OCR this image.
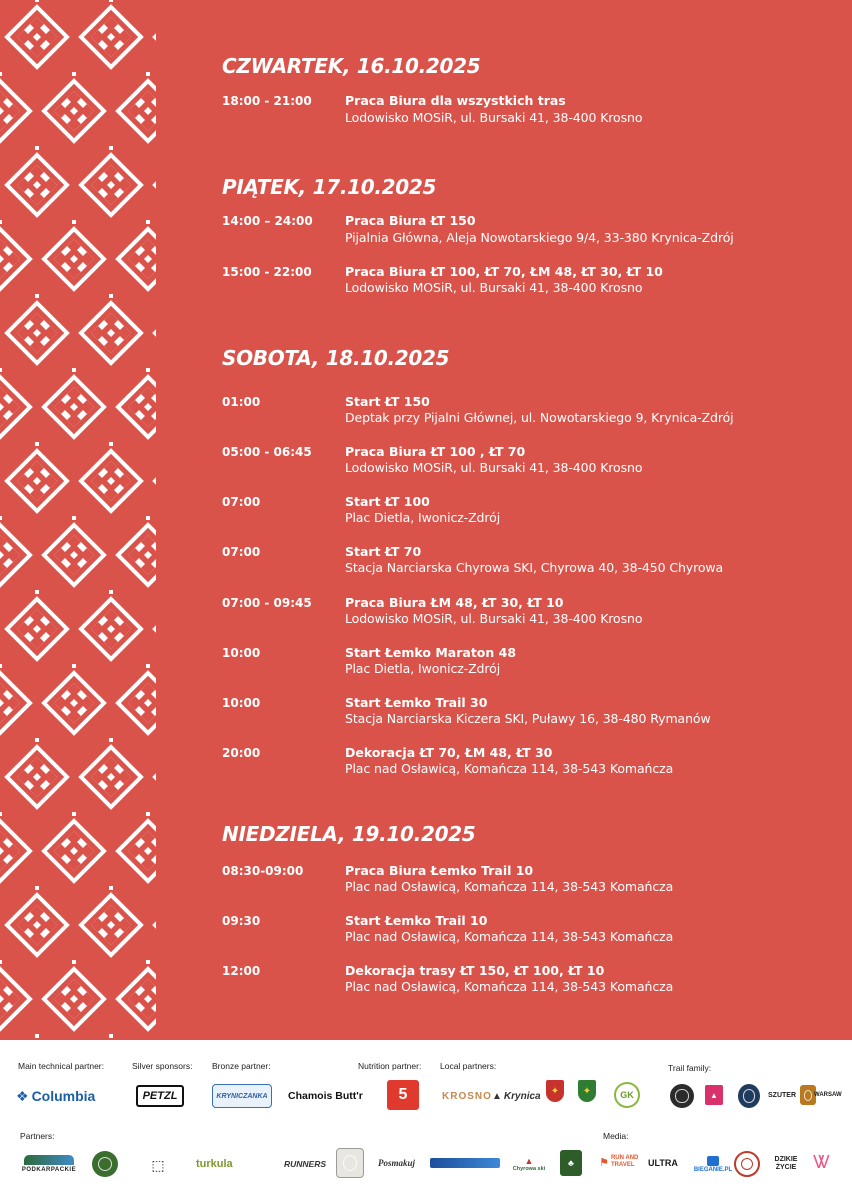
CZWARTEK, 16.10.2025
18:00 - 21:00	Praca Biura dla wszystkich tras
Lodowisko MOSiR, ul. Bursaki 41, 38-400 Krosno
PIĄTEK, 17.10.2025
14:00 – 24:00	Praca Biura ŁT 150
Pijalnia Główna, Aleja Nowotarskiego 9/4, 33-380 Krynica-Zdrój
15:00 - 22:00	Praca Biura ŁT 100, ŁT 70, ŁM 48, ŁT 30, ŁT 10
Lodowisko MOSiR, ul. Bursaki 41, 38-400 Krosno
SOBOTA, 18.10.2025
01:00	Start ŁT 150
Deptak przy Pijalni Głównej, ul. Nowotarskiego 9, Krynica-Zdrój
05:00 - 06:45	Praca Biura ŁT 100 , ŁT 70
Lodowisko MOSiR, ul. Bursaki 41, 38-400 Krosno
07:00	Start ŁT 100
Plac Dietla, Iwonicz-Zdrój
07:00	Start ŁT 70
Stacja Narciarska Chyrowa SKI, Chyrowa 40, 38-450 Chyrowa
07:00 - 09:45	Praca Biura ŁM 48, ŁT 30, ŁT 10
Lodowisko MOSiR, ul. Bursaki 41, 38-400 Krosno
10:00	Start Łemko Maraton 48
Plac Dietla, Iwonicz-Zdrój
10:00	Start Łemko Trail 30
Stacja Narciarska Kiczera SKI, Puławy 16, 38-480 Rymanów
20:00	Dekoracja ŁT 70, ŁM 48, ŁT 30
Plac nad Osławicą, Komańcza 114, 38-543 Komańcza
NIEDZIELA, 19.10.2025
08:30-09:00	Praca Biura Łemko Trail 10
Plac nad Osławicą, Komańcza 114, 38-543 Komańcza
09:30	Start Łemko Trail 10
Plac nad Osławicą, Komańcza 114, 38-543 Komańcza
12:00	Dekoracja trasy ŁT 150, ŁT 100, ŁT 10
Plac nad Osławicą, Komańcza 114, 38-543 Komańcza
Main technical partner:	Silver sponsors: Bronze partner:	Nutrition partner: Local partners:	Trail family:
❖ Columbia	PETZL	KRYNICZANKA Chamois Butt'r 5	KROSNO ▲ Krynica ✦ ✦	GK	▲	SZUTER	WARSAW
Partners:	Media:
PODKARPACKIE	⬚	turkula	RUNNERS	Posmakuj	▲
Chyrowa ski
♣ ⚑ RUN AND TRAVEL	ULTRA
BIEGANIE.PL
DZIKIE ŻYCIE Ꮤ
